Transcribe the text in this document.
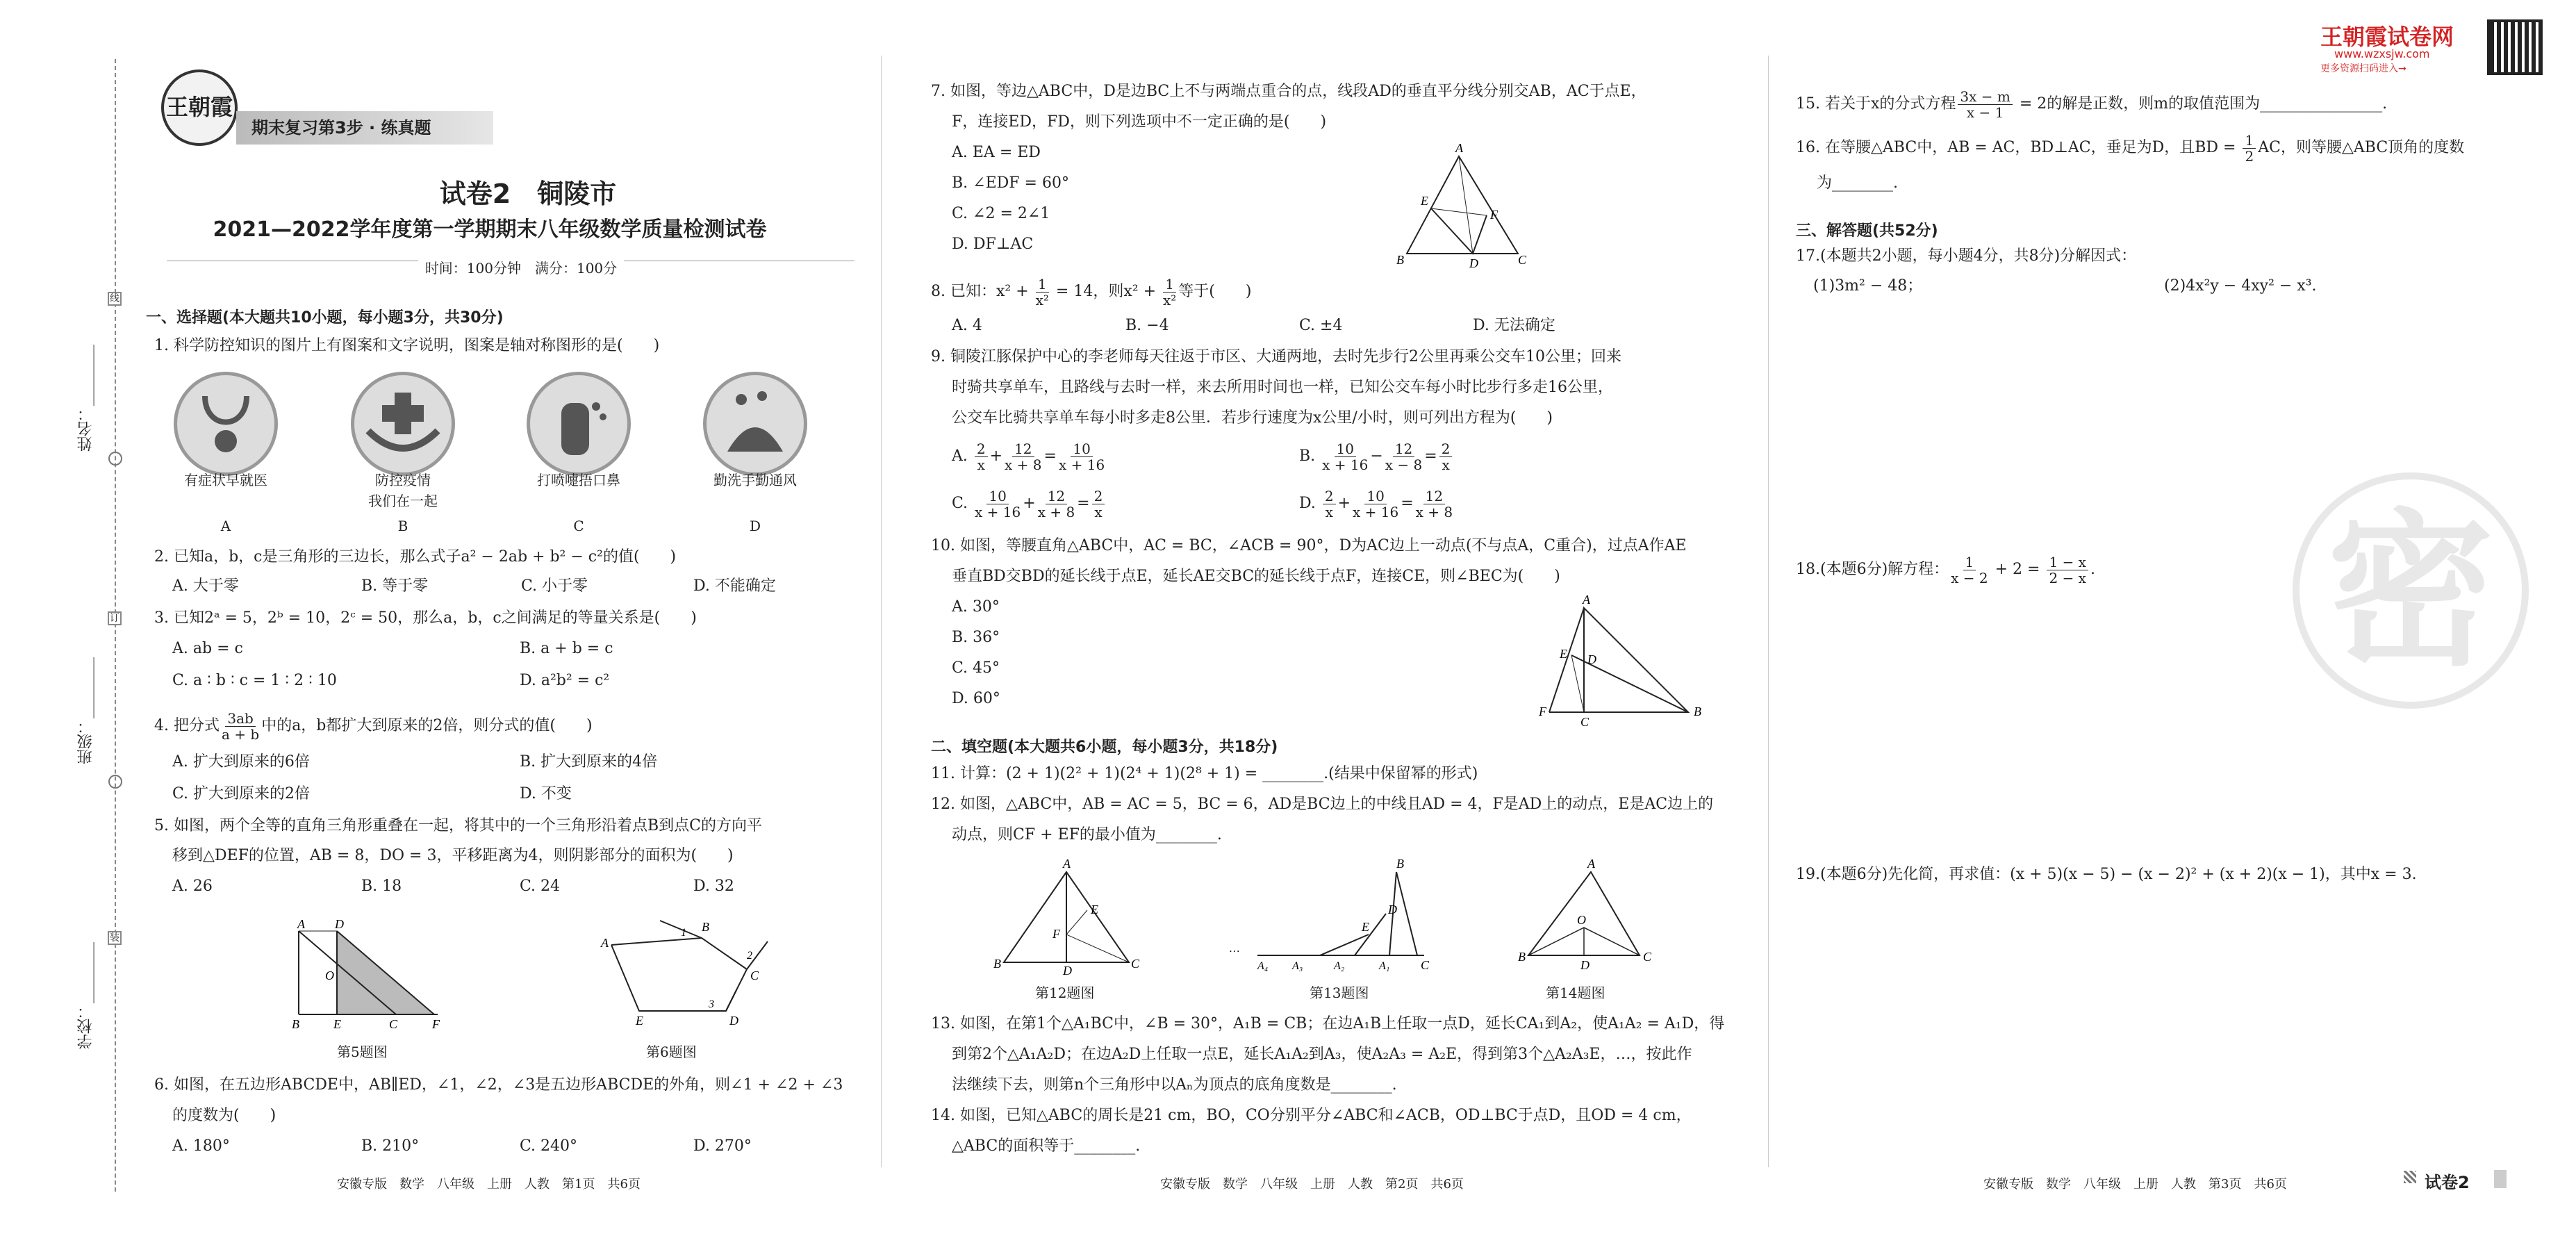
线
订
装
姓名：________
班级：________
学校：________
王朝霞
期末复习第3步 · 练真题
试卷2　铜陵市
2021—2022学年度第一学期期末八年级数学质量检测试卷
时间：100分钟　满分：100分
一、选择题(本大题共10小题，每小题3分，共30分)
1. 科学防控知识的图片上有图案和文字说明，图案是轴对称图形的是(　　)
有症状早就医	防控疫情
我们在一起
打喷嚏捂口鼻	勤洗手勤通风
A	B	C	D
2. 已知a，b，c是三角形的三边长，那么式子a² − 2ab + b² − c²的值(　　)
A. 大于零	B. 等于零	C. 小于零	D. 不能确定
3. 已知2ᵃ = 5，2ᵇ = 10，2ᶜ = 50，那么a，b，c之间满足的等量关系是(　　)
A. ab = c	B. a + b = c
C. a ∶ b ∶ c = 1 ∶ 2 ∶ 10	D. a²b² = c²
4. 把分式 $\frac{3ab}{a + b}$ 中的a，b都扩大到原来的2倍，则分式的值(　　)
A. 扩大到原来的6倍	B. 扩大到原来的4倍
C. 扩大到原来的2倍	D. 不变
5. 如图，两个全等的直角三角形重叠在一起，将其中的一个三角形沿着点B到点C的方向平
移到△DEF的位置，AB = 8，DO = 3，平移距离为4，则阴影部分的面积为(　　)
A. 26	B. 18	C. 24	D. 32
A D
O
B	E	C	F
第5题图
A
B
C
D
E
1
2
3
第6题图
6. 如图，在五边形ABCDE中，AB∥ED，∠1，∠2，∠3是五边形ABCDE的外角，则∠1 + ∠2 + ∠3
的度数为(　　)
A. 180°	B. 210°	C. 240°	D. 270°
安徽专版　数学　八年级　上册　人教　第1页　共6页
7. 如图，等边△ABC中，D是边BC上不与两端点重合的点，线段AD的垂直平分线分别交AB，AC于点E，
F，连接ED，FD，则下列选项中不一定正确的是(　　)
A. EA = ED
B. ∠EDF = 60°
C. ∠2 = 2∠1
D. DF⊥AC
A
B	C
D
E
F
8. 已知：$x^2 + \frac{1}{\text{x²}} = 14$，则$x^2 + \frac{1}{\text{x²}}$ 等于(　　)
A. 4	B. −4	C. ±4	D. 无法确定
9. 铜陵江豚保护中心的李老师每天往返于市区、大通两地，去时先步行2公里再乘公交车10公里；回来
时骑共享单车，且路线与去时一样，来去所用时间也一样，已知公交车每小时比步行多走16公里，
公交车比骑共享单车每小时多走8公里．若步行速度为x公里/小时，则可列出方程为(　　)
A. $\frac{2}{x} + \frac{12}{x + 8} = \frac{10}{x + 16}$	B. $\frac{10}{x + 16} - \frac{12}{x - 8} = \frac{2}{x}$
C. $\frac{10}{x + 16} + \frac{12}{x + 8} = \frac{2}{x}$	D. $\frac{2}{x} + \frac{10}{x + 16} = \frac{12}{x + 8}$
10. 如图，等腰直角△ABC中，AC = BC，∠ACB = 90°，D为AC边上一动点(不与点A，C重合)，过点A作AE
垂直BD交BD的延长线于点E，延长AE交BC的延长线于点F，连接CE，则∠BEC为(　　)
A. 30°
B. 36°
C. 45°
D. 60°
A
B
C
D
E
F
二、填空题(本大题共6小题，每小题3分，共18分)
11. 计算：(2 + 1)(2² + 1)(2⁴ + 1)(2⁸ + 1) = ________.(结果中保留幂的形式)
12. 如图，△ABC中，AB = AC = 5，BC = 6，AD是BC边上的中线且AD = 4，F是AD上的动点，E是AC边上的
动点，则CF + EF的最小值为________.
A
B	C
D
E
F
第12题图
…
B
C
D
E
A₄ A₃	A₂	A₁
第13题图
A
B	C
D
O
第14题图
13. 如图，在第1个△A₁BC中，∠B = 30°，A₁B = CB；在边A₁B上任取一点D，延长CA₁到A₂，使A₁A₂ = A₁D，得
到第2个△A₁A₂D；在边A₂D上任取一点E，延长A₁A₂到A₃，使A₂A₃ = A₂E，得到第3个△A₂A₃E，…，按此作
法继续下去，则第n个三角形中以Aₙ为顶点的底角度数是________.
14. 如图，已知△ABC的周长是21 cm，BO，CO分别平分∠ABC和∠ACB，OD⊥BC于点D，且OD = 4 cm，
△ABC的面积等于________.
安徽专版　数学　八年级　上册　人教　第2页　共6页
王朝霞试卷网
www.wzxsjw.com
更多资源扫码进入→
15. 若关于x的分式方程 $\frac{3x - m}{x - 1} = 2$的解是正数，则m的取值范围为________________.
16. 在等腰△ABC中，AB = AC，BD⊥AC，垂足为D，且BD = $\frac{1}{2}$ AC，则等腰△ABC顶角的度数
为________.
三、解答题(共52分)
17.(本题共2小题，每小题4分，共8分)分解因式：
(1)3m² − 48；	(2)4x²y − 4xy² − x³.
18.(本题6分)解方程： $\frac{1}{x - 2} + 2 = \frac{1 - x}{2 - x}$ .
19.(本题6分)先化简，再求值：(x + 5)(x − 5) − (x − 2)² + (x + 2)(x − 1)，其中x = 3.
密
安徽专版　数学　八年级　上册　人教　第3页　共6页	试卷2
